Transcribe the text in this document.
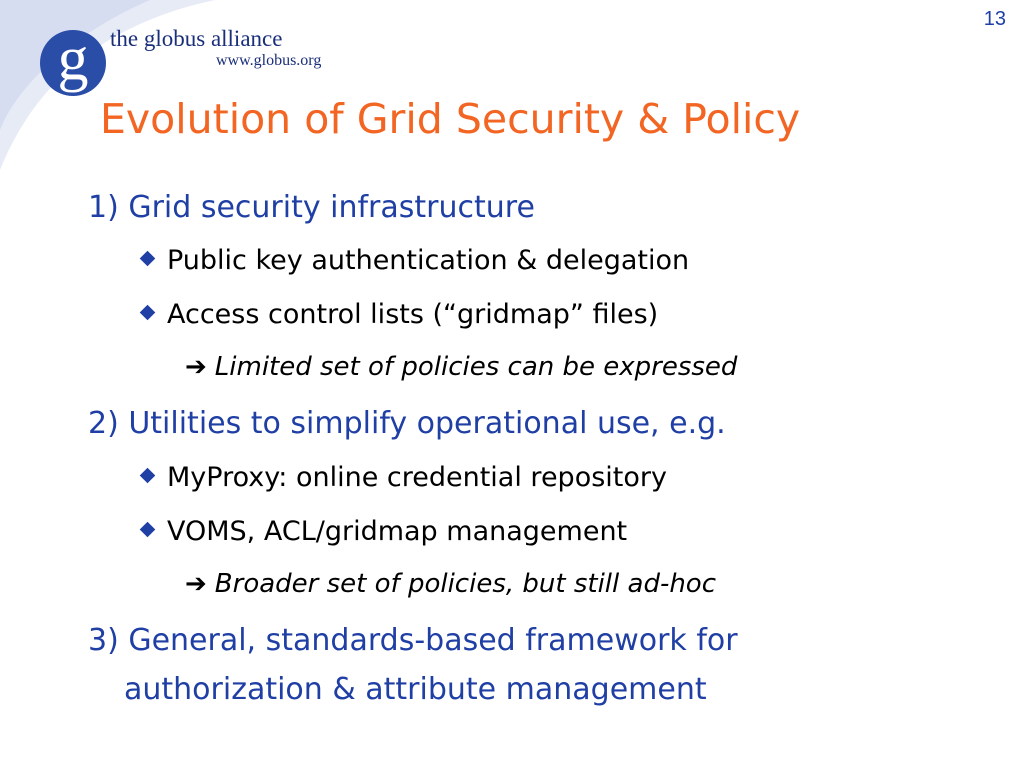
13
g the globus alliance
www.globus.org
Evolution of Grid Security & Policy
1) Grid security infrastructure
Public key authentication & delegation
Access control lists (“gridmap” files)
➔ Limited set of policies can be expressed
2) Utilities to simplify operational use, e.g.
MyProxy: online credential repository
VOMS, ACL/gridmap management
➔ Broader set of policies, but still ad-hoc
3) General, standards-based framework for
authorization & attribute management
